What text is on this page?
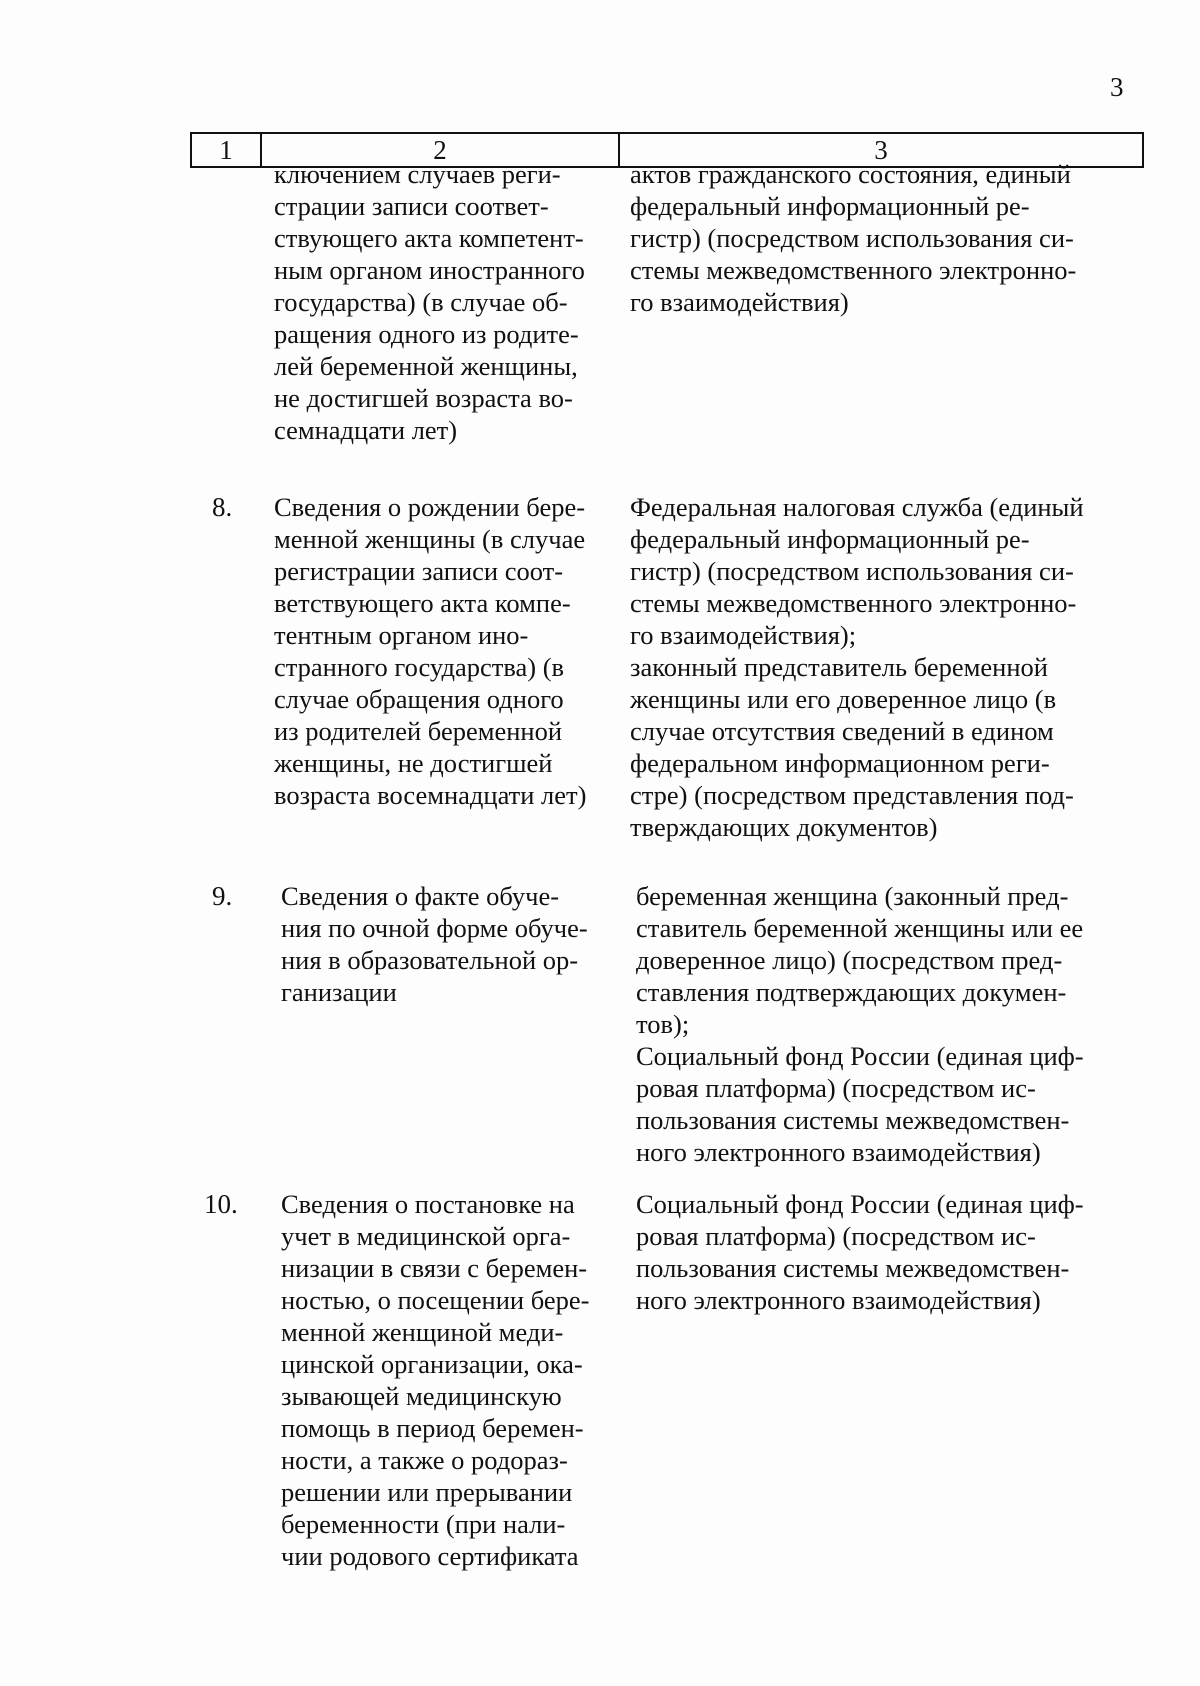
3
1	2	3
ключением случаев реги-
страции записи соответ-
ствующего акта компетент-
ным органом иностранного
государства) (в случае об-
ращения одного из родите-
лей беременной женщины,
не достигшей возраста во-
семнадцати лет)
актов гражданского состояния, единый
федеральный информационный ре-
гистр) (посредством использования си-
стемы межведомственного электронно-
го взаимодействия)
8. Сведения о рождении бере-
менной женщины (в случае
регистрации записи соот-
ветствующего акта компе-
тентным органом ино-
странного государства) (в
случае обращения одного
из родителей беременной
женщины, не достигшей
возраста восемнадцати лет)
Федеральная налоговая служба (единый
федеральный информационный ре-
гистр) (посредством использования си-
стемы межведомственного электронно-
го взаимодействия);
законный представитель беременной
женщины или его доверенное лицо (в
случае отсутствия сведений в едином
федеральном информационном реги-
стре) (посредством представления под-
тверждающих документов)
9. Сведения о факте обуче-
ния по очной форме обуче-
ния в образовательной ор-
ганизации
беременная женщина (законный пред-
ставитель беременной женщины или ее
доверенное лицо) (посредством пред-
ставления подтверждающих докумен-
тов);
Социальный фонд России (единая циф-
ровая платформа) (посредством ис-
пользования системы межведомствен-
ного электронного взаимодействия)
10. Сведения о постановке на
учет в медицинской орга-
низации в связи с беремен-
ностью, о посещении бере-
менной женщиной меди-
цинской организации, ока-
зывающей медицинскую
помощь в период беремен-
ности, а также о родораз-
решении или прерывании
беременности (при нали-
чии родового сертификата
Социальный фонд России (единая циф-
ровая платформа) (посредством ис-
пользования системы межведомствен-
ного электронного взаимодействия)
